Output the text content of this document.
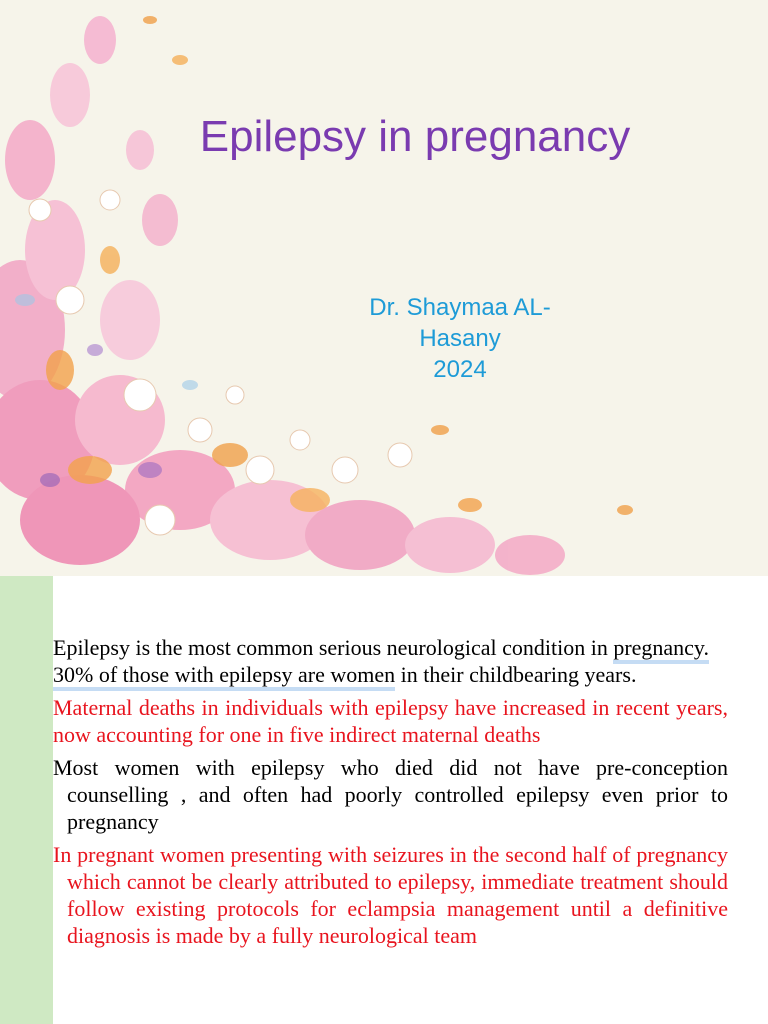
Epilepsy in pregnancy
Dr. Shaymaa AL-
Hasany
2024

Epilepsy is the most common serious neurological condition in pregnancy. 30% of those with epilepsy are women in their childbearing years.

Maternal deaths in individuals with epilepsy have increased in recent years, now accounting for one in five indirect maternal deaths

Most women with epilepsy who died did not have pre-conception counselling , and often had poorly controlled epilepsy even prior to pregnancy

In pregnant women presenting with seizures in the second half of pregnancy which cannot be clearly attributed to epilepsy, immediate treatment should follow existing protocols for eclampsia management until a definitive diagnosis is made by a fully neurological team
